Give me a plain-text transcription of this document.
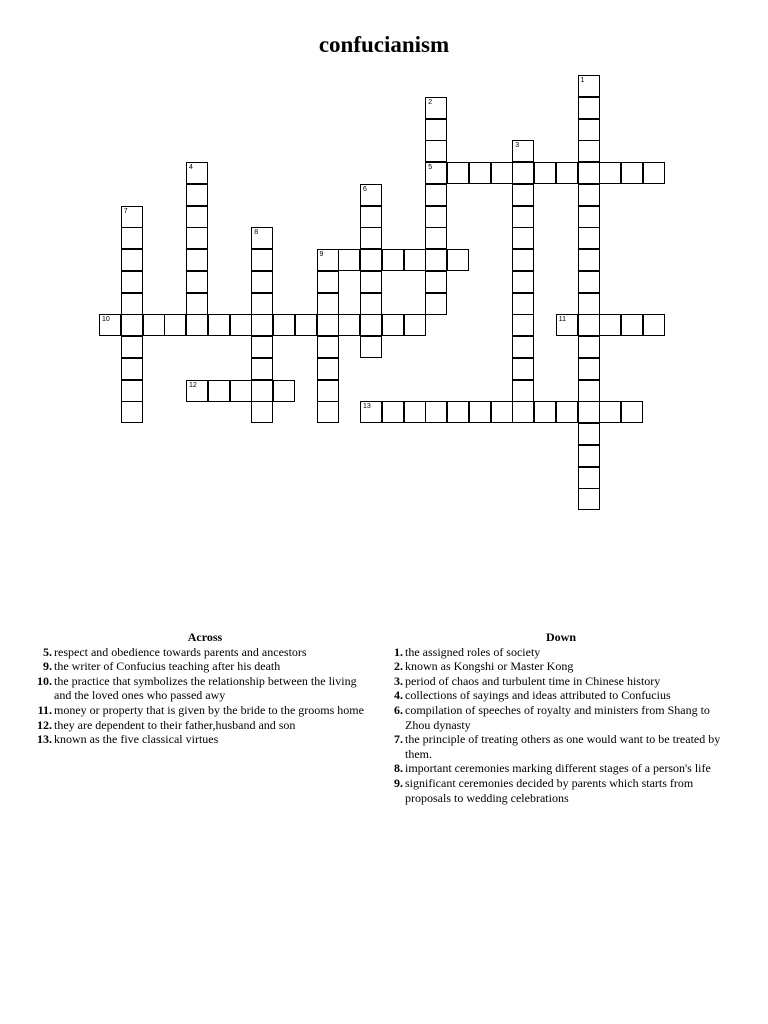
confucianism
1
2
5
3
4
6
7
8
9
10	11
12
13
Across
5. respect and obedience towards parents and ancestors
9. the writer of Confucius teaching after his death
10. the practice that symbolizes the relationship between the living and the loved ones who passed awy
11. money or property that is given by the bride to the grooms home
12. they are dependent to their father,husband and son
13. known as the five classical virtues
Down
1. the assigned roles of society
2. known as Kongshi or Master Kong
3. period of chaos and turbulent time in Chinese history
4. collections of sayings and ideas attributed to Confucius
6. compilation of speeches of royalty and ministers from Shang to Zhou dynasty
7. the principle of treating others as one would want to be treated by them.
8. important ceremonies marking different stages of a person's life
9. significant ceremonies decided by parents which starts from proposals to wedding celebrations
